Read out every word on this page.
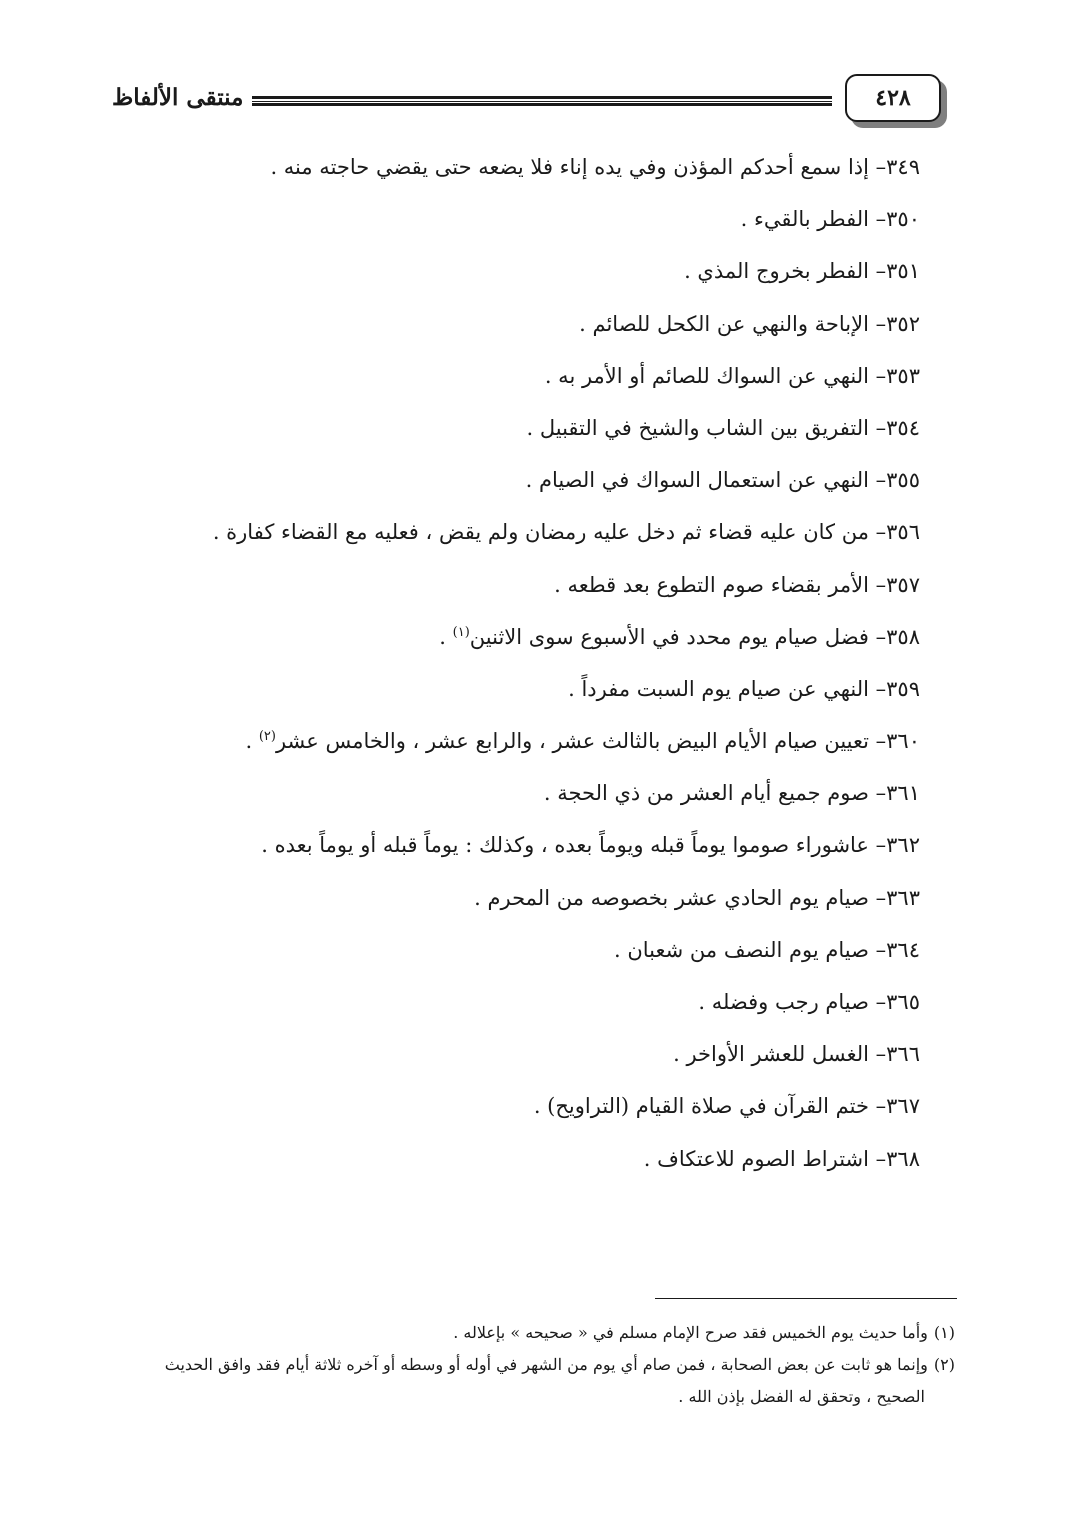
منتقى الألفاظ	٤٢٨
٣٤٩– إذا سمع أحدكم المؤذن وفي يده إناء فلا يضعه حتى يقضي حاجته منه .
٣٥٠– الفطر بالقيء .
٣٥١– الفطر بخروج المذي .
٣٥٢– الإباحة والنهي عن الكحل للصائم .
٣٥٣– النهي عن السواك للصائم أو الأمر به .
٣٥٤– التفريق بين الشاب والشيخ في التقبيل .
٣٥٥– النهي عن استعمال السواك في الصيام .
٣٥٦– من كان عليه قضاء ثم دخل عليه رمضان ولم يقض ، فعليه مع القضاء كفارة .
٣٥٧– الأمر بقضاء صوم التطوع بعد قطعه .
٣٥٨– فضل صيام يوم محدد في الأسبوع سوى الاثنين$^{(١)}$ .
٣٥٩– النهي عن صيام يوم السبت مفرداً .
٣٦٠– تعيين صيام الأيام البيض بالثالث عشر ، والرابع عشر ، والخامس عشر$^{(٢)}$ .
٣٦١– صوم جميع أيام العشر من ذي الحجة .
٣٦٢– عاشوراء صوموا يوماً قبله ويوماً بعده ، وكذلك : يوماً قبله أو يوماً بعده .
٣٦٣– صيام يوم الحادي عشر بخصوصه من المحرم .
٣٦٤– صيام يوم النصف من شعبان .
٣٦٥– صيام رجب وفضله .
٣٦٦– الغسل للعشر الأواخر .
٣٦٧– ختم القرآن في صلاة القيام (التراويح) .
٣٦٨– اشتراط الصوم للاعتكاف .

(١)وأما حديث يوم الخميس فقد صرح الإمام مسلم في « صحيحه » بإعلاله .

(٢)وإنما هو ثابت عن بعض الصحابة ، فمن صام أي يوم من الشهر في أوله أو وسطه أو آخره ثلاثة أيام فقد وافق الحديث

الصحيح ، وتحقق له الفضل بإذن الله .
